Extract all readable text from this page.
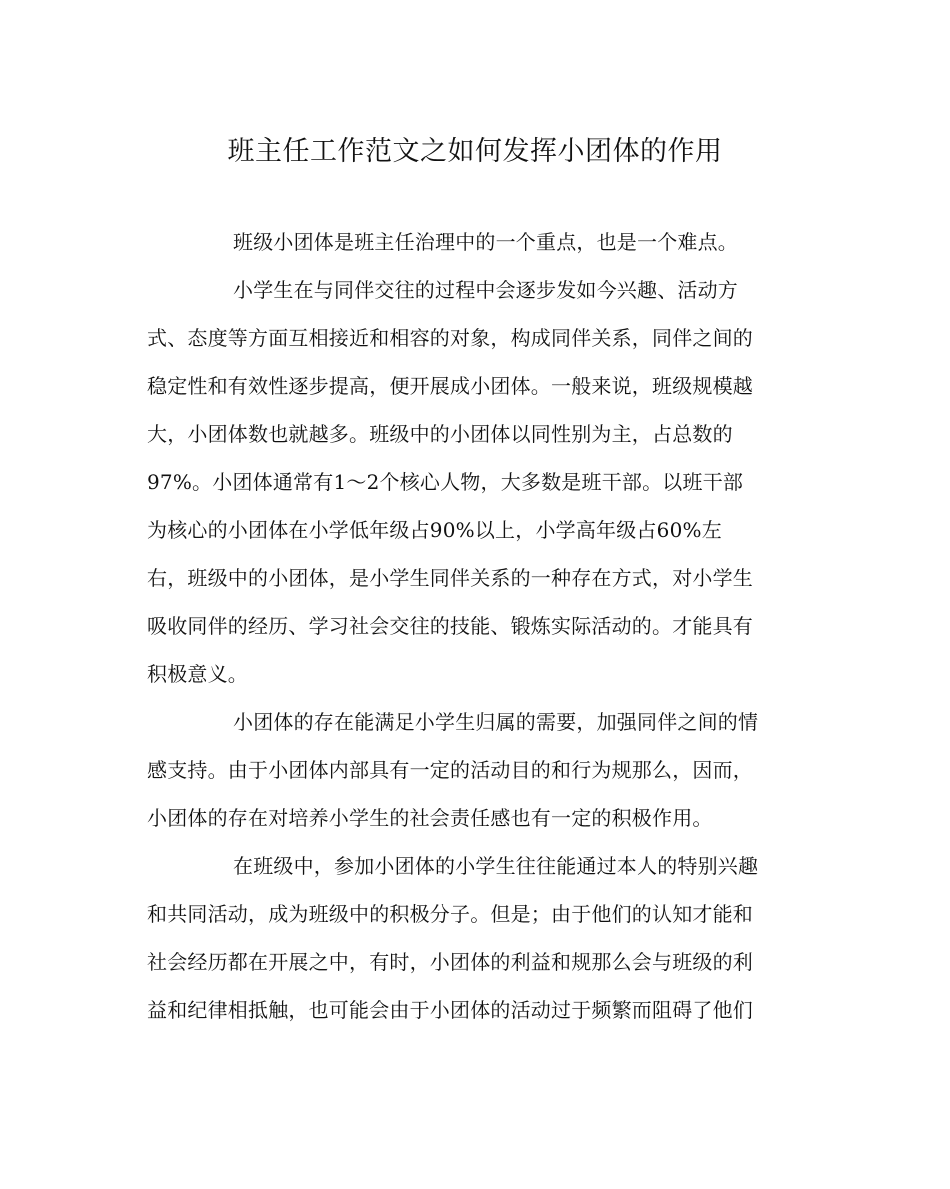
班主任工作范文之如何发挥小团体的作用
班级小团体是班主任治理中的一个重点，也是一个难点。
小学生在与同伴交往的过程中会逐步发如今兴趣、活动方
式、态度等方面互相接近和相容的对象，构成同伴关系，同伴之间的
稳定性和有效性逐步提高，便开展成小团体。一般来说，班级规模越
大，小团体数也就越多。班级中的小团体以同性别为主，占总数的
97%。小团体通常有1～2个核心人物，大多数是班干部。以班干部
为核心的小团体在小学低年级占90%以上，小学高年级占60%左
右，班级中的小团体，是小学生同伴关系的一种存在方式，对小学生
吸收同伴的经历、学习社会交往的技能、锻炼实际活动的。才能具有
积极意义。
小团体的存在能满足小学生归属的需要，加强同伴之间的情
感支持。由于小团体内部具有一定的活动目的和行为规那么，因而，
小团体的存在对培养小学生的社会责任感也有一定的积极作用。
在班级中，参加小团体的小学生往往能通过本人的特别兴趣
和共同活动，成为班级中的积极分子。但是；由于他们的认知才能和
社会经历都在开展之中，有时，小团体的利益和规那么会与班级的利
益和纪律相抵触，也可能会由于小团体的活动过于频繁而阻碍了他们
